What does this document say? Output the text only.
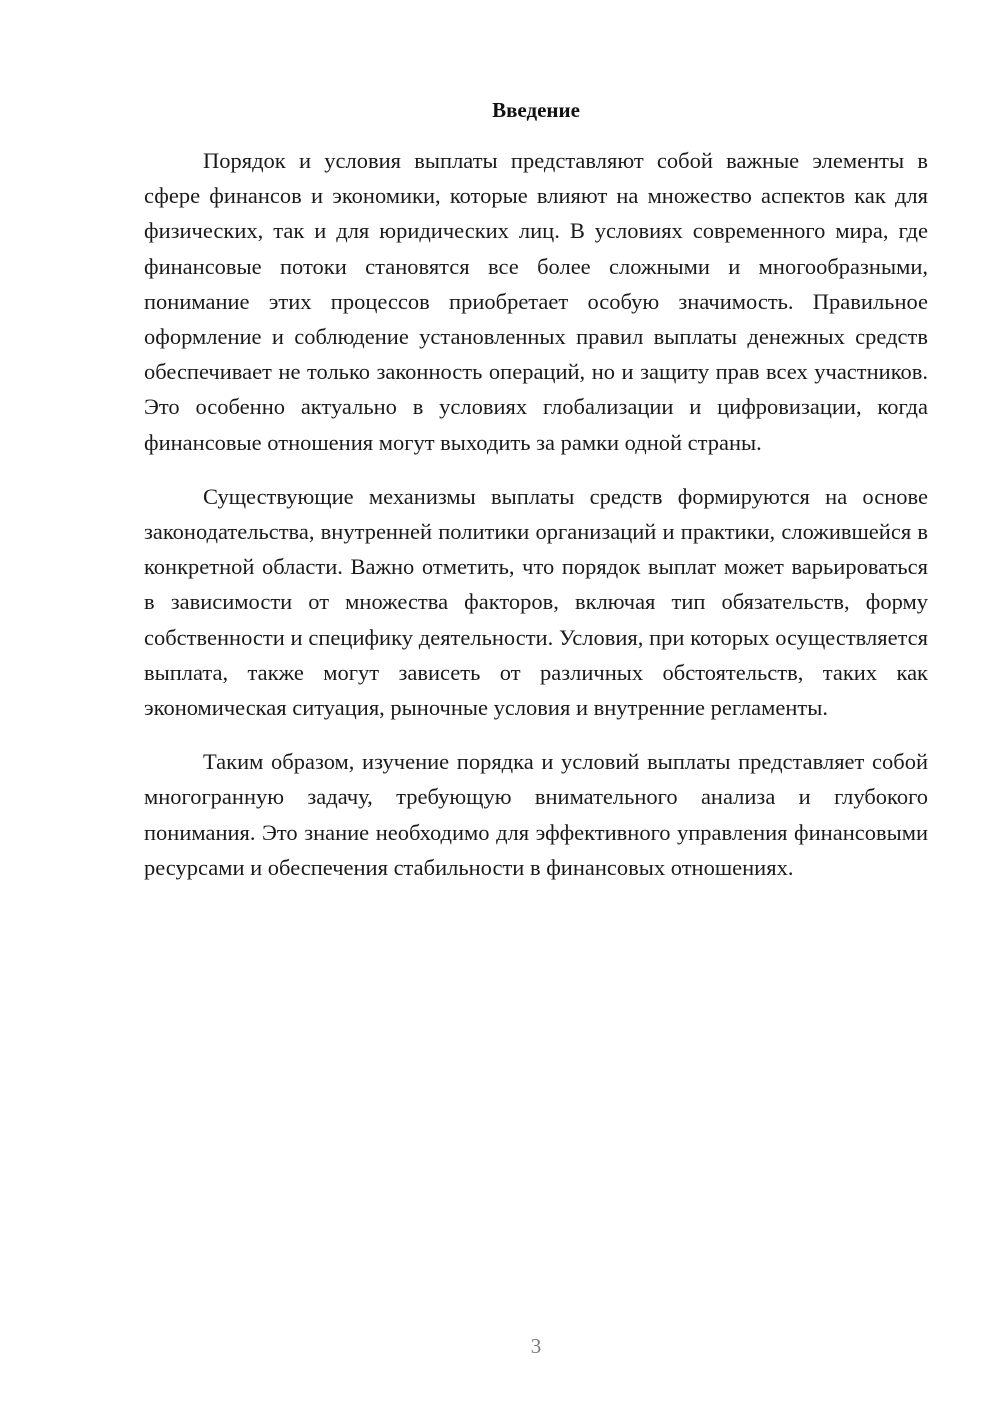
Введение

Порядок и условия выплаты представляют собой важные элементы в сфере финансов и экономики, которые влияют на множество аспектов как для физических, так и для юридических лиц. В условиях современного мира, где финансовые потоки становятся все более сложными и многообразными, понимание этих процессов приобретает особую значимость. Правильное оформление и соблюдение установленных правил выплаты денежных средств обеспечивает не только законность операций, но и защиту прав всех участников. Это особенно актуально в условиях глобализации и цифровизации, когда финансовые отношения могут выходить за рамки одной страны.

Существующие механизмы выплаты средств формируются на основе законодательства, внутренней политики организаций и практики, сложившейся в конкретной области. Важно отметить, что порядок выплат может варьироваться в зависимости от множества факторов, включая тип обязательств, форму собственности и специфику деятельности. Условия, при которых осуществляется выплата, также могут зависеть от различных обстоятельств, таких как экономическая ситуация, рыночные условия и внутренние регламенты.

Таким образом, изучение порядка и условий выплаты представляет собой многогранную задачу, требующую внимательного анализа и глубокого понимания. Это знание необходимо для эффективного управления финансовыми ресурсами и обеспечения стабильности в финансовых отношениях.

3
